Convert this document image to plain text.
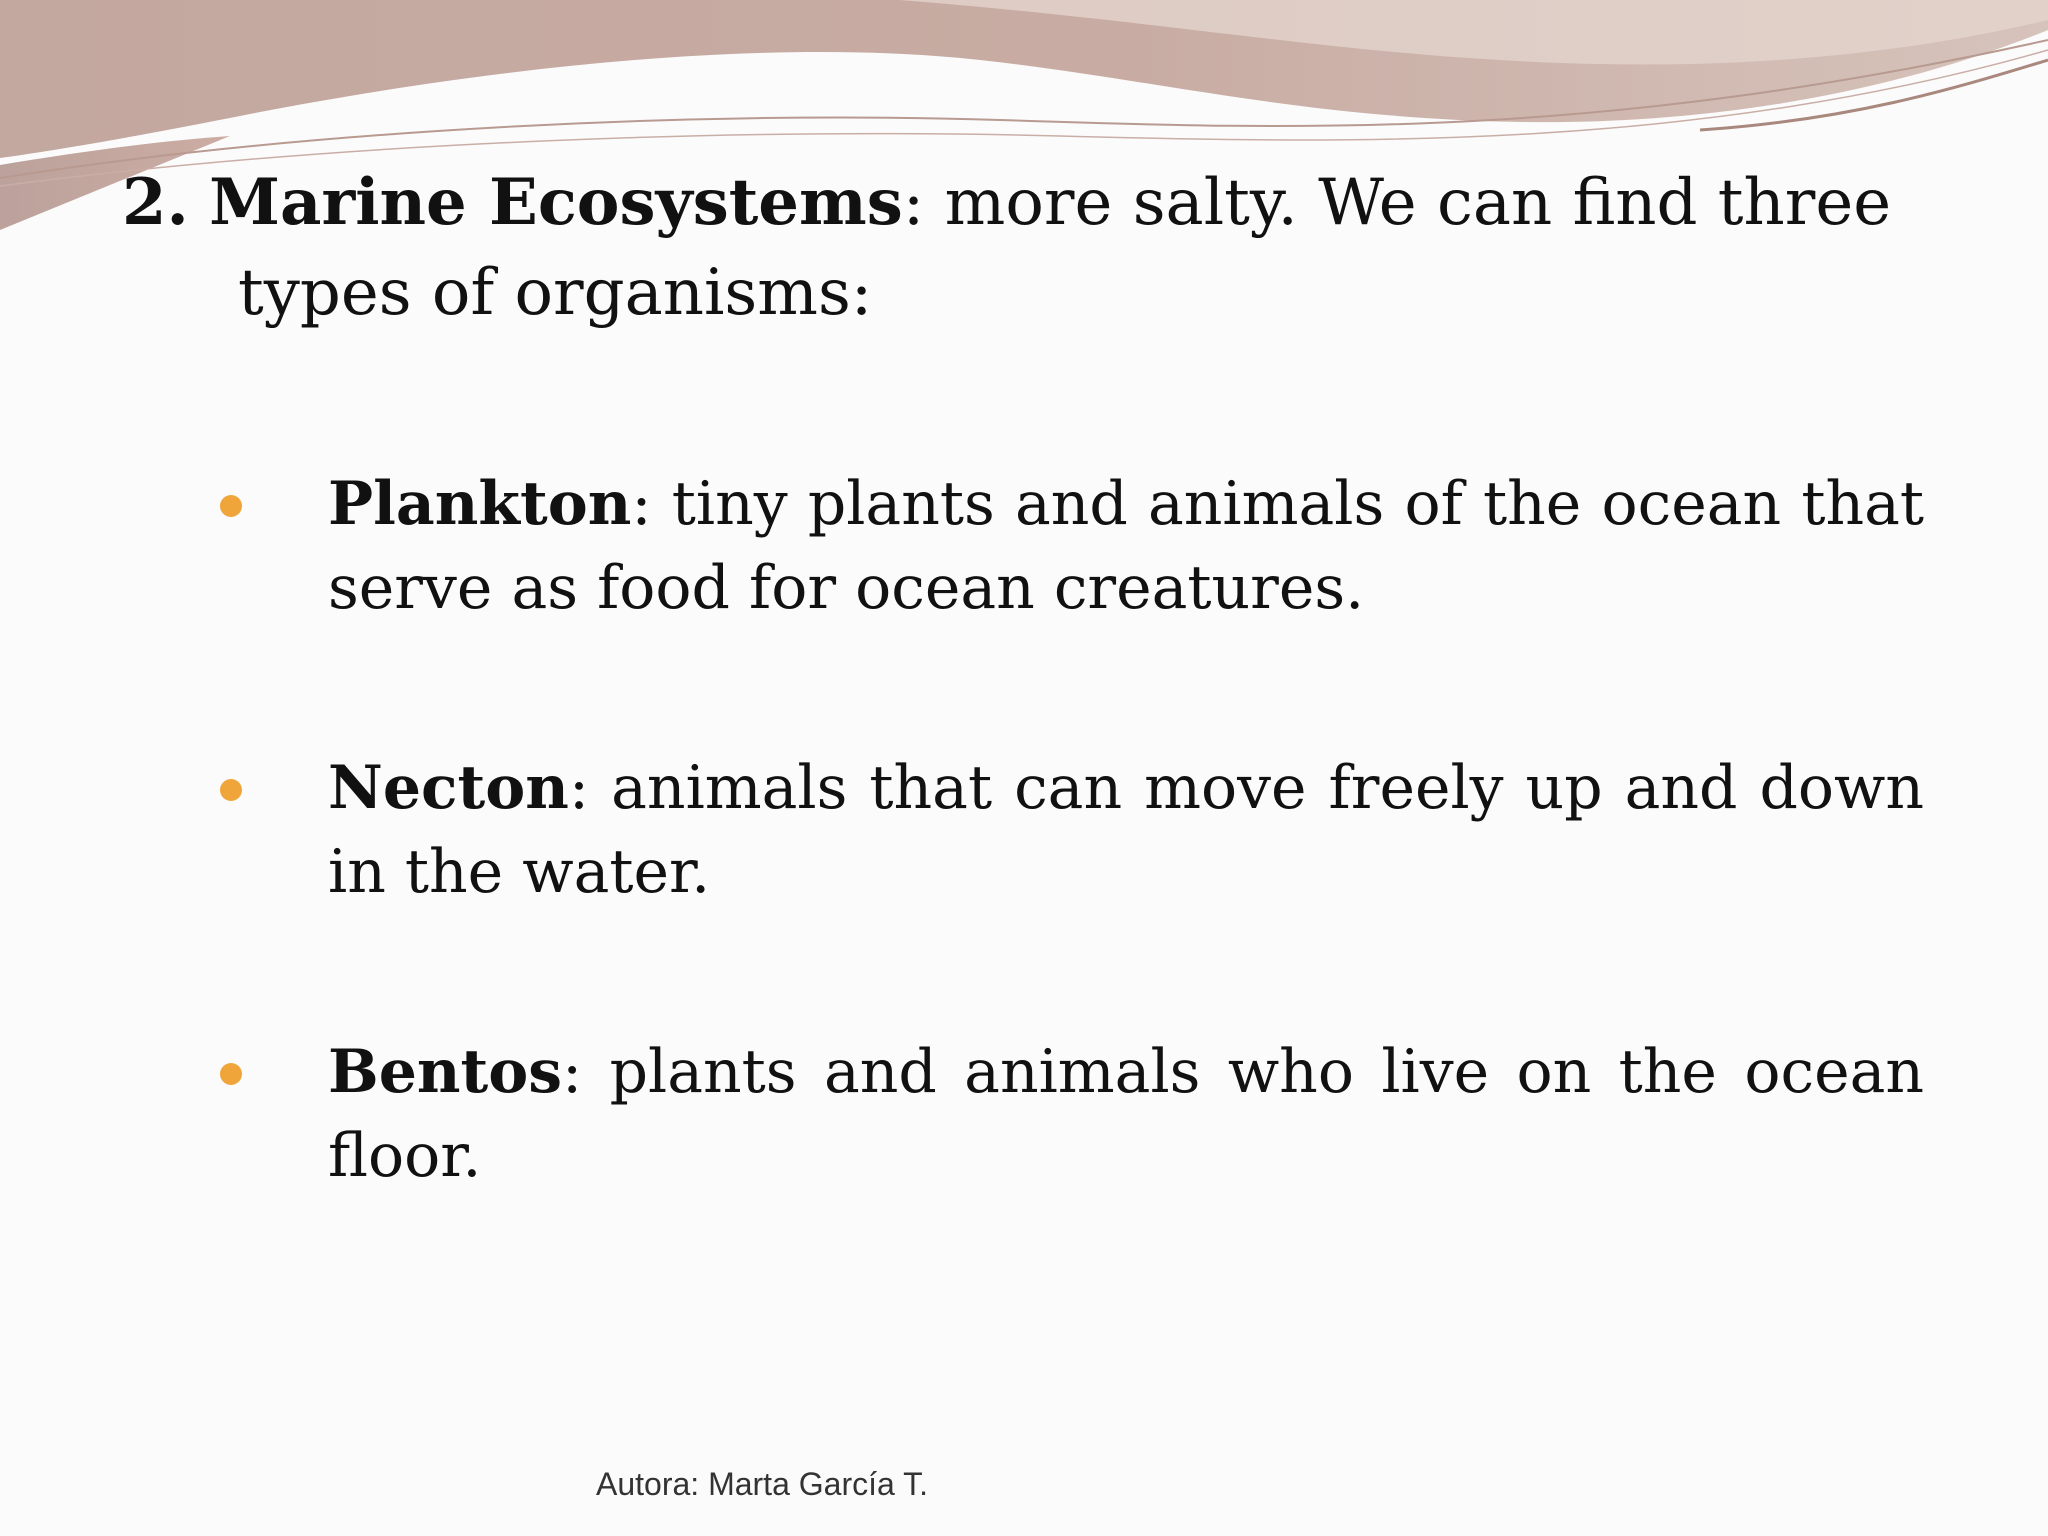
2. Marine Ecosystems: more salty. We can find three
types of organisms:
Plankton: tiny plants and animals of the ocean that serve as food for ocean creatures.
Necton: animals that can move freely up and down in the water.
Bentos: plants and animals who live on the ocean floor.
Autora: Marta García T.
